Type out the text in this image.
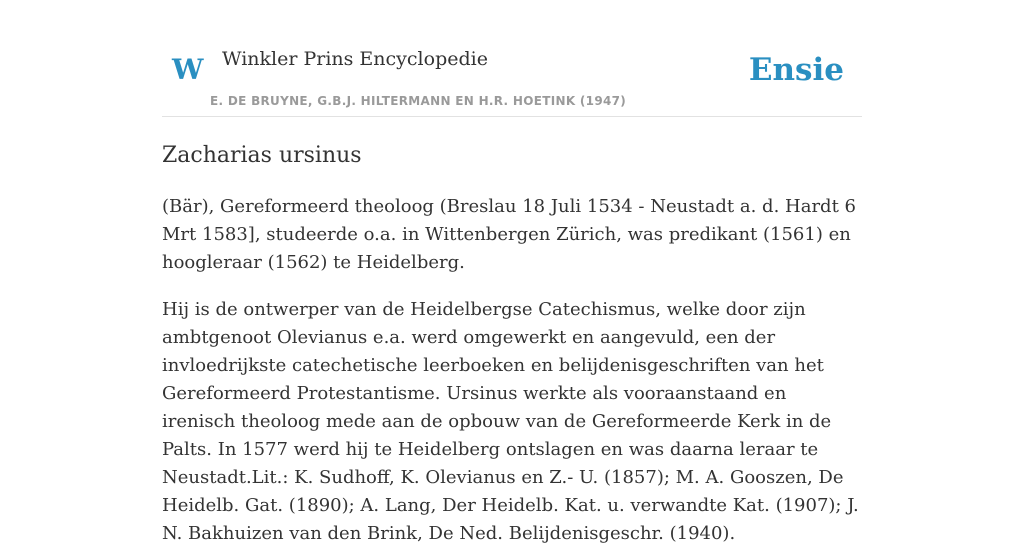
W Winkler Prins Encyclopedie
E. DE BRUYNE, G.B.J. HILTERMANN EN H.R. HOETINK (1947)
Ensie
Zacharias ursinus

(Bär), Gereformeerd theoloog (Breslau 18 Juli 1534 - Neustadt a. d. Hardt 6 Mrt 1583], studeerde o.a. in Wittenbergen Zürich, was predikant (1561) en hoogleraar (1562) te Heidelberg.

Hij is de ontwerper van de Heidelbergse Catechismus, welke door zijn ambtgenoot Olevianus e.a. werd omgewerkt en aangevuld, een der invloedrijkste catechetische leerboeken en belijdenisgeschriften van het Gereformeerd Protestantisme. Ursinus werkte als vooraanstaand en irenisch theoloog mede aan de opbouw van de Gereformeerde Kerk in de Palts. In 1577 werd hij te Heidelberg ontslagen en was daarna leraar te Neustadt.Lit.: K. Sudhoff, K. Olevianus en Z.- U. (1857); M. A. Gooszen, De Heidelb. Gat. (1890); A. Lang, Der Heidelb. Kat. u. verwandte Kat. (1907); J. N. Bakhuizen van den Brink, De Ned. Belijdenisgeschr. (1940).
